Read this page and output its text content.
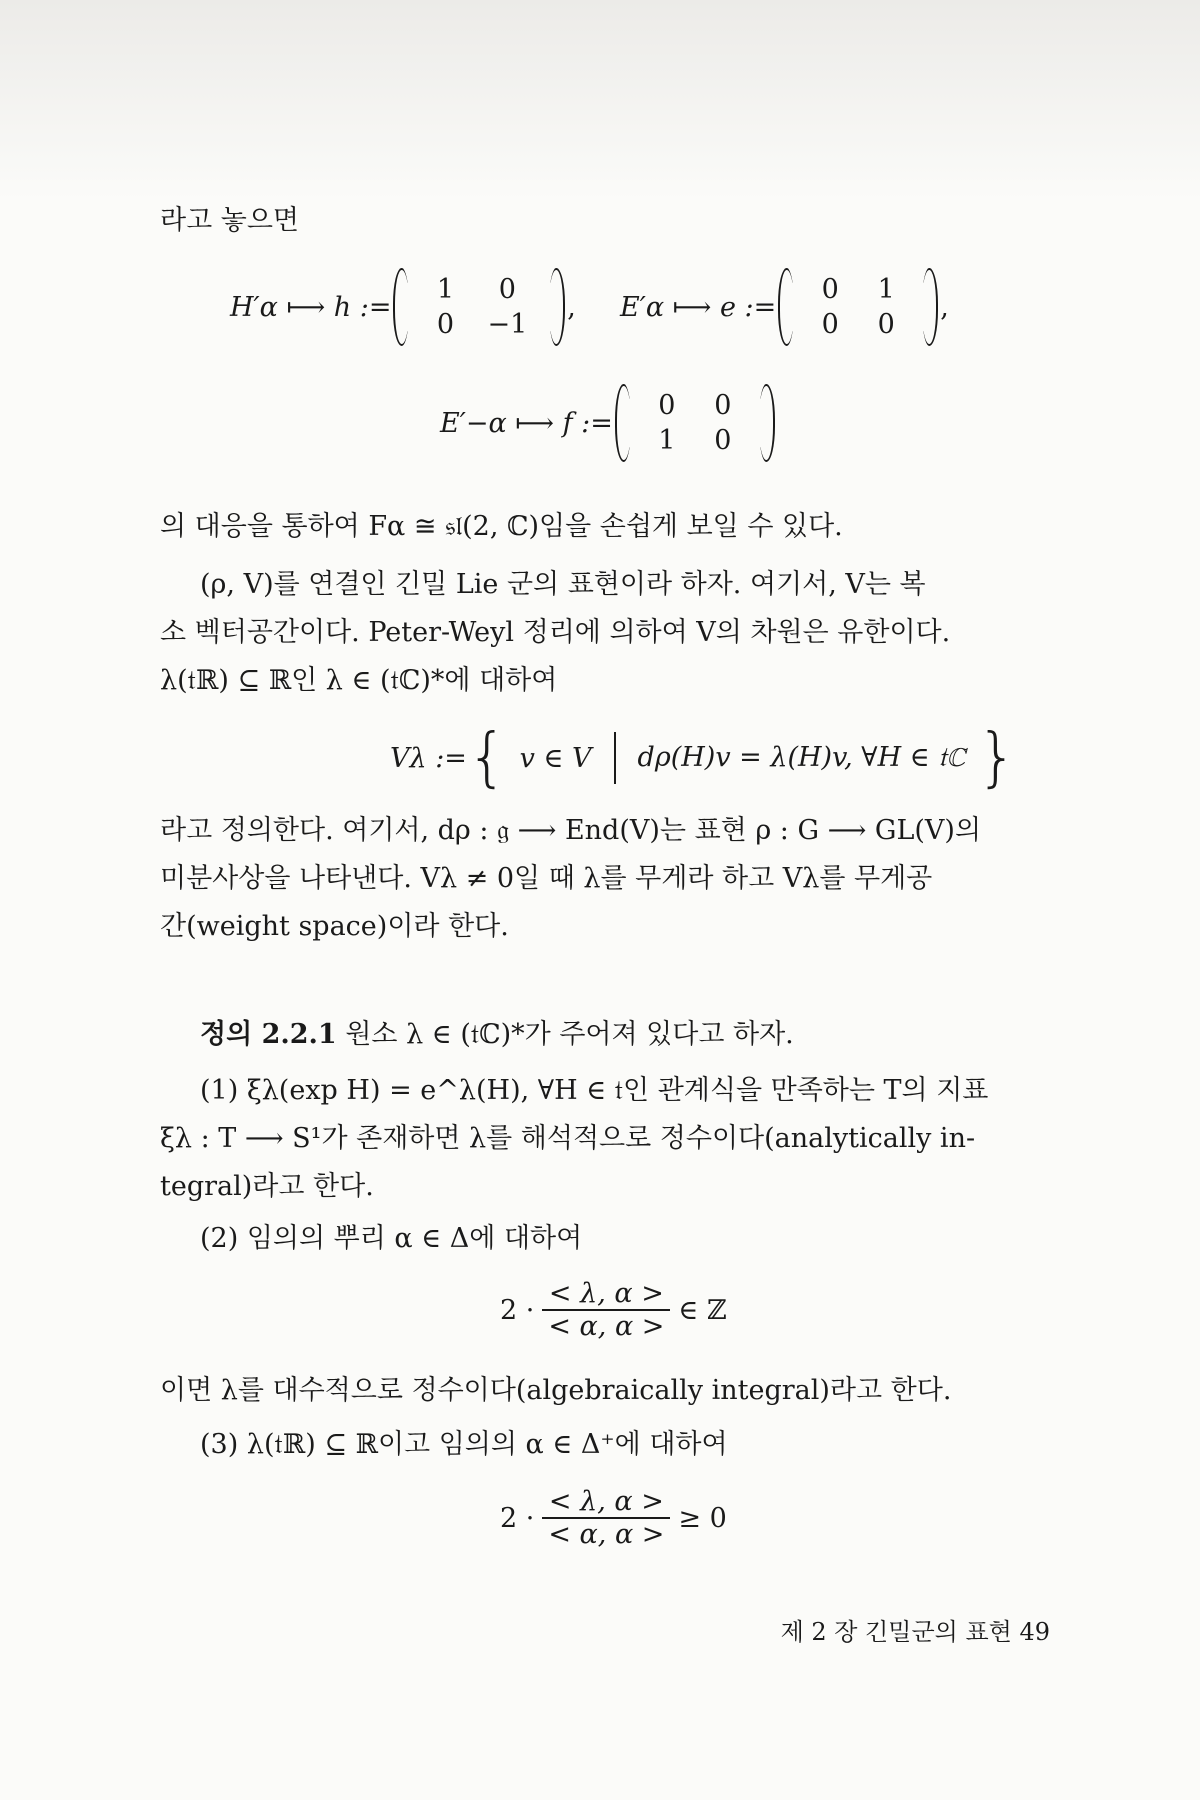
라고 놓으면
H′α ⟼ h :=
1	0
0	−1
, E′α ⟼ e :=
0	1
0	0
,
E′−α ⟼ f :=
0	0
1	0
의 대응을 통하여 Fα ≅ 𝔰𝔩(2, ℂ)임을 손쉽게 보일 수 있다.
(ρ, V)를 연결인 긴밀 Lie 군의 표현이라 하자. 여기서, V는 복
소 벡터공간이다. Peter-Weyl 정리에 의하여 V의 차원은 유한이다.
λ(𝔱ℝ) ⊆ ℝ인 λ ∈ (𝔱ℂ)*에 대하여
Vλ := { v ∈ V	dρ(H)v = λ(H)v, ∀H ∈ 𝔱ℂ }
라고 정의한다. 여기서, dρ : 𝔤 ⟶ End(V)는 표현 ρ : G ⟶ GL(V)의
미분사상을 나타낸다. Vλ ≠ 0일 때 λ를 무게라 하고 Vλ를 무게공
간(weight space)이라 한다.
정의 2.2.1 원소 λ ∈ (𝔱ℂ)*가 주어져 있다고 하자.
(1) ξλ(exp H) = e^λ(H), ∀H ∈ 𝔱인 관계식을 만족하는 T의 지표
ξλ : T ⟶ S¹가 존재하면 λ를 해석적으로 정수이다(analytically in-
tegral)라고 한다.
(2) 임의의 뿌리 α ∈ Δ에 대하여
$2 \cdot \frac{< \lambda, \alpha >}{< \alpha, \alpha >}$ ∈ ℤ
이면 λ를 대수적으로 정수이다(algebraically integral)라고 한다.
(3) λ(𝔱ℝ) ⊆ ℝ이고 임의의 α ∈ Δ⁺에 대하여
$2 \cdot \frac{< \lambda, \alpha >}{< \alpha, \alpha >} \ge 0$
제 2 장 긴밀군의 표현 49
